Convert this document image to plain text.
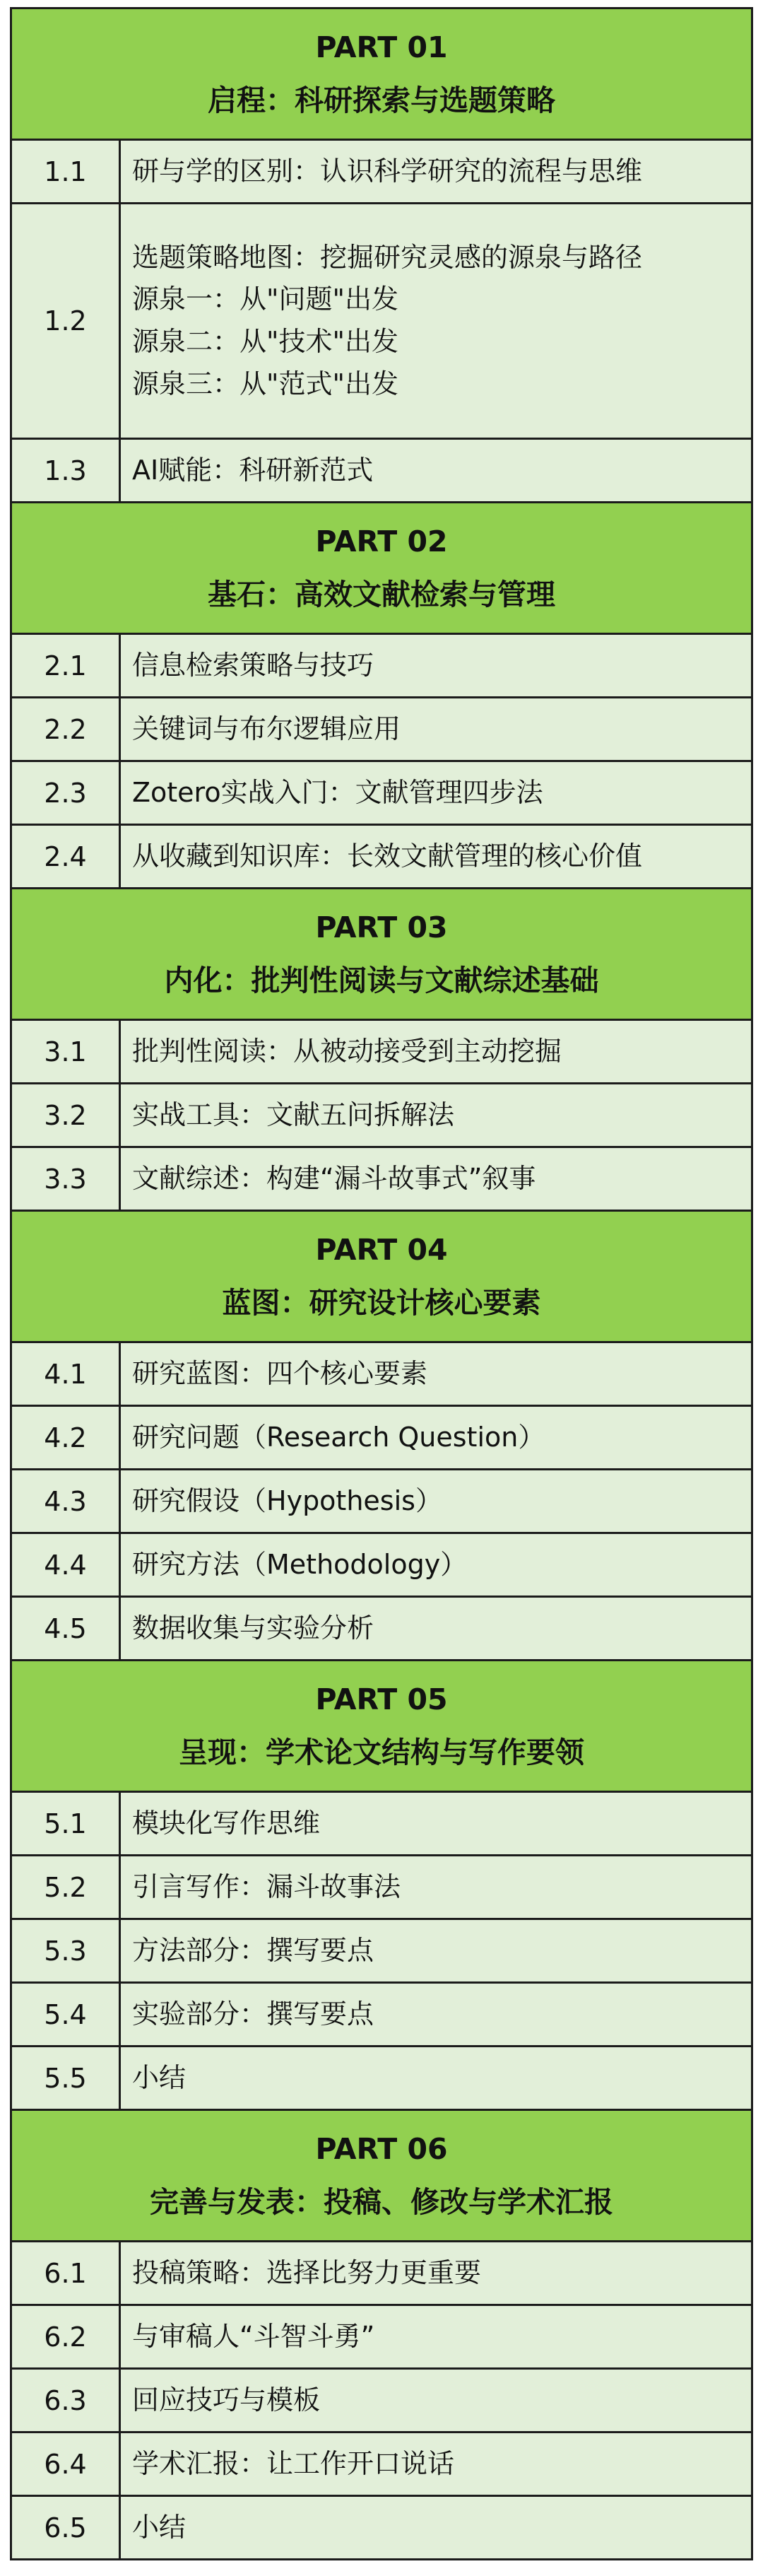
PART 01
启程：科研探索与选题策略	

1.1	研与学的区别：认识科学研究的流程与思维

1.2	选题策略地图：挖掘研究灵感的源泉与路径
源泉一：从"问题"出发
源泉二：从"技术"出发
源泉三：从"范式"出发

1.3	AI赋能：科研新范式

PART 02
基石：高效文献检索与管理	

2.1	信息检索策略与技巧

2.2	关键词与布尔逻辑应用

2.3	Zotero实战入门：文献管理四步法

2.4	从收藏到知识库：长效文献管理的核心价值

PART 03
内化：批判性阅读与文献综述基础	

3.1	批判性阅读：从被动接受到主动挖掘

3.2	实战工具：文献五问拆解法

3.3	文献综述：构建“漏斗故事式”叙事

PART 04
蓝图：研究设计核心要素	

4.1	研究蓝图：四个核心要素

4.2	研究问题（Research Question）

4.3	研究假设（Hypothesis）

4.4	研究方法（Methodology）

4.5	数据收集与实验分析

PART 05
呈现：学术论文结构与写作要领	

5.1	模块化写作思维

5.2	引言写作：漏斗故事法

5.3	方法部分：撰写要点

5.4	实验部分：撰写要点

5.5	小结

PART 06
完善与发表：投稿、修改与学术汇报	

6.1	投稿策略：选择比努力更重要

6.2	与审稿人“斗智斗勇”

6.3	回应技巧与模板

6.4	学术汇报：让工作开口说话

6.5	小结
